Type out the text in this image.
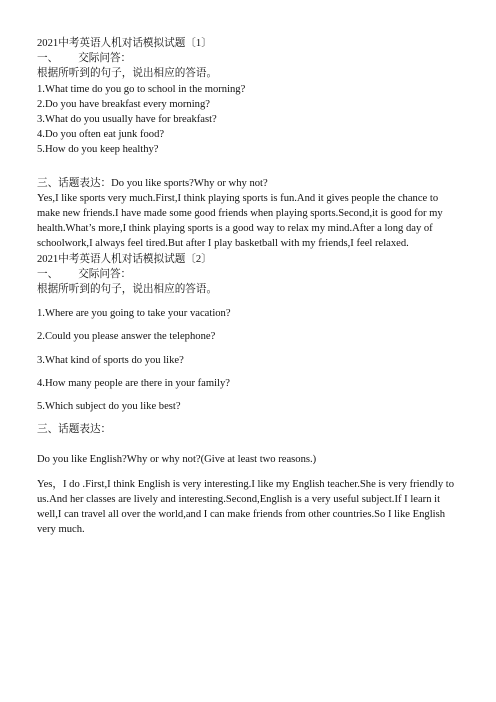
2021中考英语人机对话模拟试题〔1〕
一、 交际问答：
根据所听到的句子，说出相应的答语。
1.What time do you go to school in the morning?
2.Do you have breakfast every morning?
3.What do you usually have for breakfast?
4.Do you often eat junk food?
5.How do you keep healthy?
三、话题表达：Do you like sports?Why or why not?
Yes,I like sports very much.First,I think playing sports is fun.And it gives people the chance to make new friends.I have made some good friends when playing sports.Second,it is good for my health.What’s more,I think playing sports is a good way to relax my mind.After a long day of schoolwork,I always feel tired.But after I play basketball with my friends,I feel relaxed.
2021中考英语人机对话模拟试题〔2〕
一、 交际问答：
根据所听到的句子，说出相应的答语。
1.Where are you going to take your vacation?
2.Could you please answer the telephone?
3.What kind of sports do you like?
4.How many people are there in your family?
5.Which subject do you like best?
三、话题表达：
Do you like English?Why or why not?(Give at least two reasons.)
Yes，I do .First,I think English is very interesting.I like my English teacher.She is very friendly to us.And her classes are lively and interesting.Second,English is a very useful subject.If I learn it well,I can travel all over the world,and I can make friends from other countries.So I like English very much.
